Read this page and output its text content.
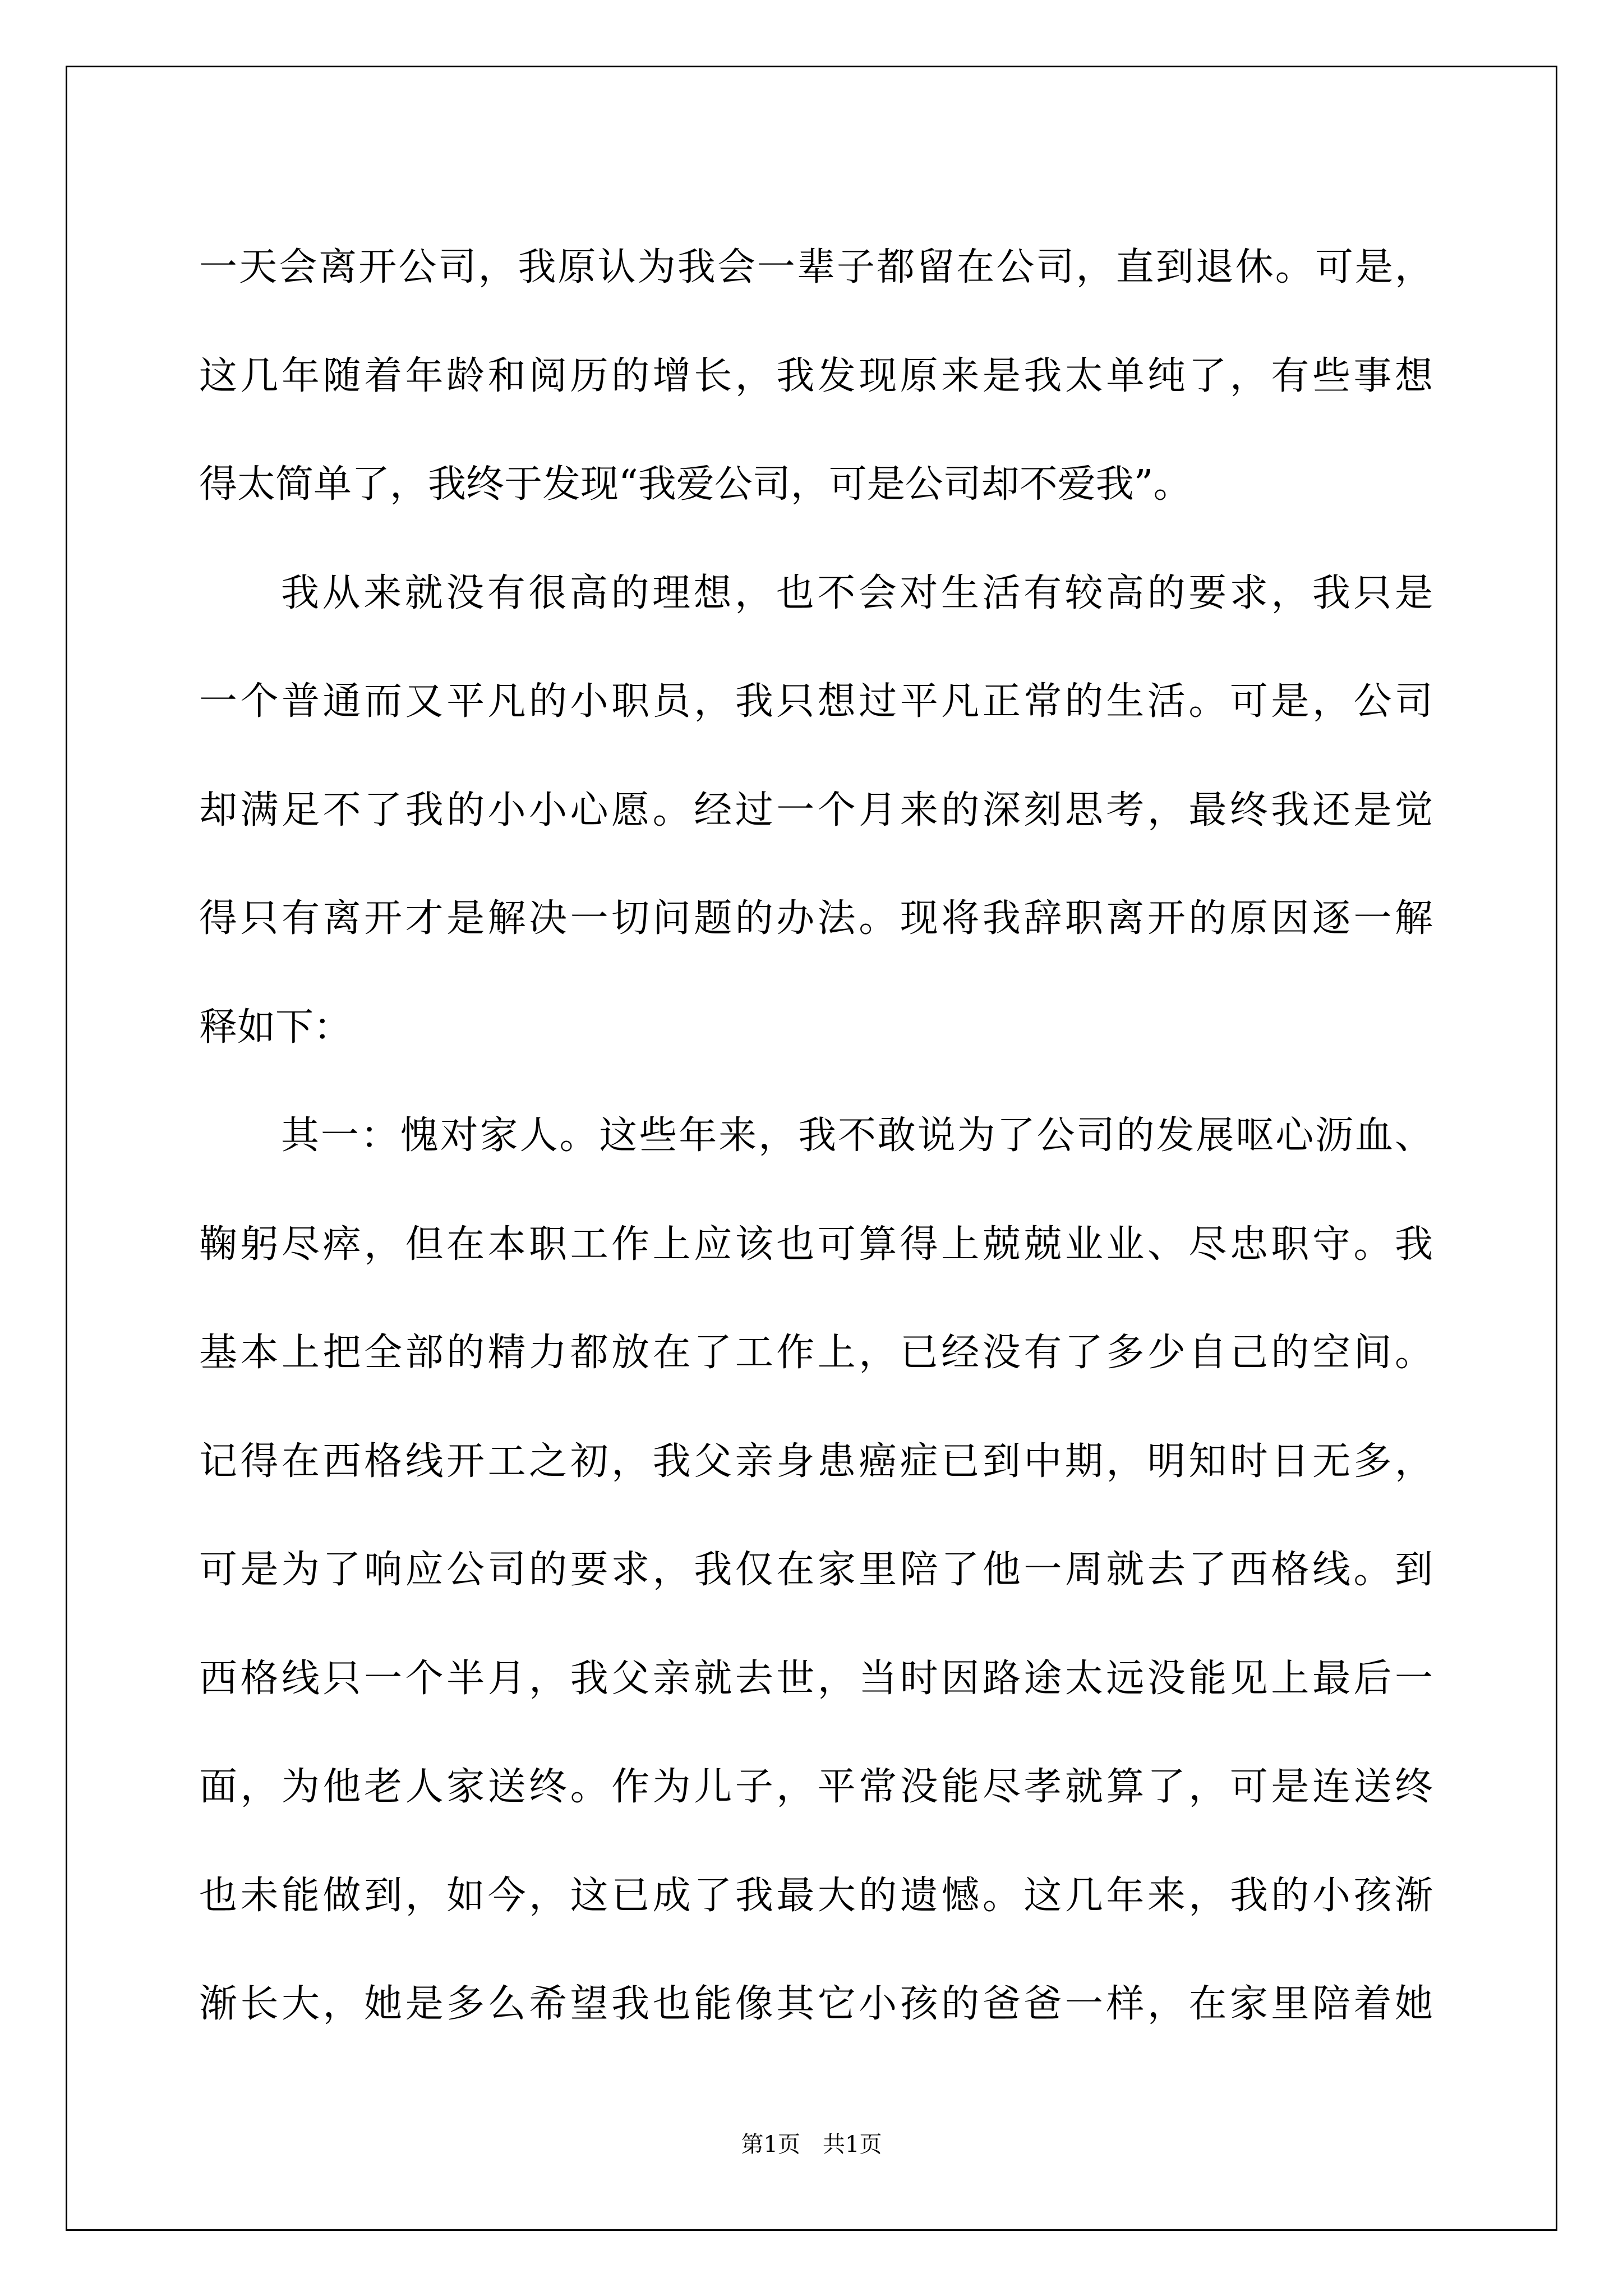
一天会离开公司，我原认为我会一辈子都留在公司，直到退休。可是，
这几年随着年龄和阅历的增长，我发现原来是我太单纯了，有些事想
得太简单了，我终于发现“我爱公司，可是公司却不爱我”。
我从来就没有很高的理想，也不会对生活有较高的要求，我只是
一个普通而又平凡的小职员，我只想过平凡正常的生活。可是，公司
却满足不了我的小小心愿。经过一个月来的深刻思考，最终我还是觉
得只有离开才是解决一切问题的办法。现将我辞职离开的原因逐一解
释如下：
其一：愧对家人。这些年来，我不敢说为了公司的发展呕心沥血、
鞠躬尽瘁，但在本职工作上应该也可算得上兢兢业业、尽忠职守。我
基本上把全部的精力都放在了工作上，已经没有了多少自己的空间。
记得在西格线开工之初，我父亲身患癌症已到中期，明知时日无多，
可是为了响应公司的要求，我仅在家里陪了他一周就去了西格线。到
西格线只一个半月，我父亲就去世，当时因路途太远没能见上最后一
面，为他老人家送终。作为儿子，平常没能尽孝就算了，可是连送终
也未能做到，如今，这已成了我最大的遗憾。这几年来，我的小孩渐
渐长大，她是多么希望我也能像其它小孩的爸爸一样，在家里陪着她
第1页　共1页
